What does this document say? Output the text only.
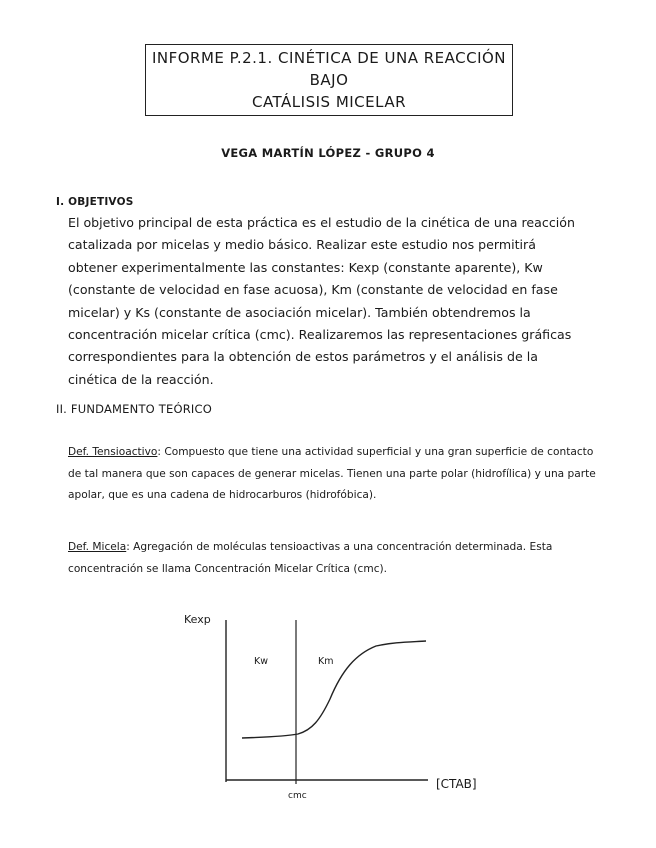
INFORME P.2.1. CINÉTICA DE UNA REACCIÓN BAJO
CATÁLISIS MICELAR
VEGA MARTÍN LÓPEZ - GRUPO 4
I. OBJETIVOS
El objetivo principal de esta práctica es el estudio de la cinética de una reacción catalizada por micelas y medio básico. Realizar este estudio nos permitirá obtener experimentalmente las constantes: Kexp (constante aparente), Kw (constante de velocidad en fase acuosa), Km (constante de velocidad en fase micelar) y Ks (constante de asociación micelar). También obtendremos la concentración micelar crítica (cmc). Realizaremos las representaciones gráficas correspondientes para la obtención de estos parámetros y el análisis de la cinética de la reacción.
II. FUNDAMENTO TEÓRICO
Def. Tensioactivo: Compuesto que tiene una actividad superficial y una gran superficie de contacto de tal manera que son capaces de generar micelas. Tienen una parte polar (hidrofílica) y una parte apolar, que es una cadena de hidrocarburos (hidrofóbica).
Def. Micela: Agregación de moléculas tensioactivas a una concentración determinada. Esta concentración se llama Concentración Micelar Crítica (cmc).
Kexp
Kw	Km
cmc
[CTAB]
